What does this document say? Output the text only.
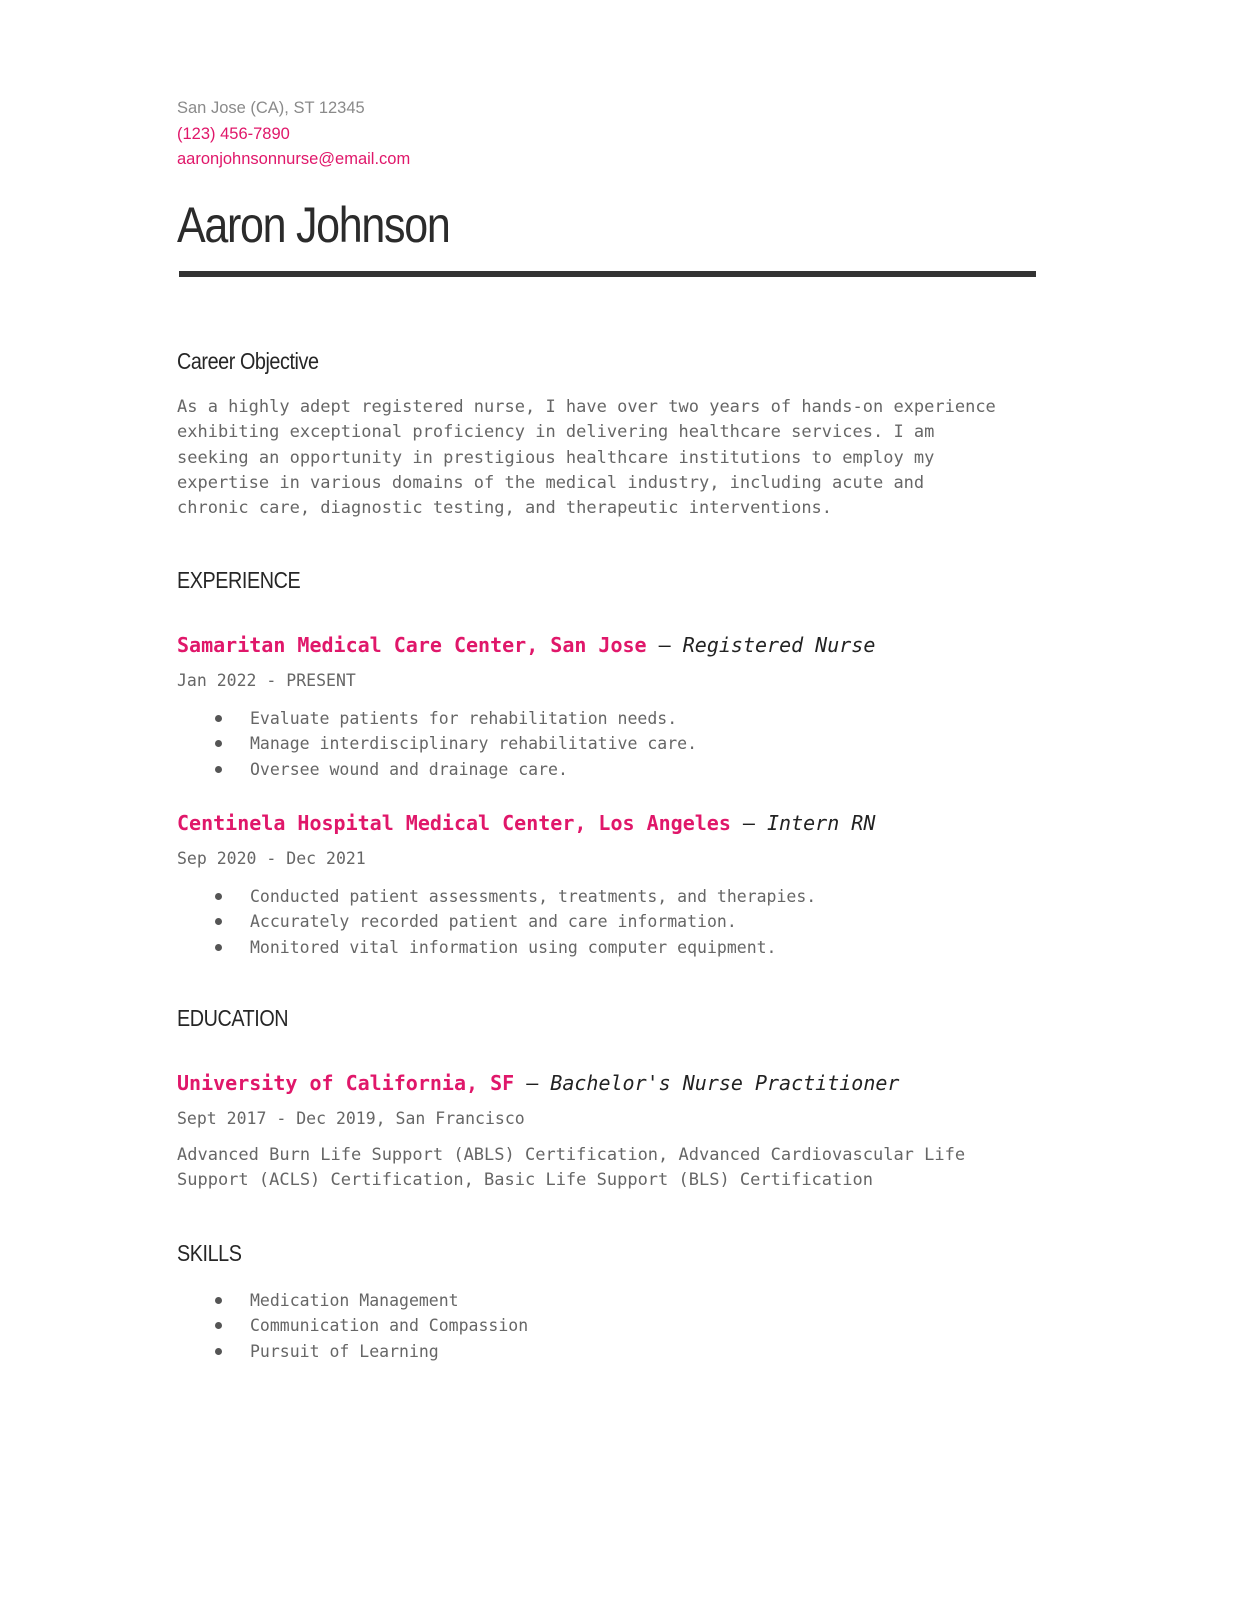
San Jose (CA), ST 12345
(123) 456-7890
aaronjohnsonnurse@email.com
Aaron Johnson
Career Objective
As a highly adept registered nurse, I have over two years of hands-on experience
exhibiting exceptional proficiency in delivering healthcare services. I am
seeking an opportunity in prestigious healthcare institutions to employ my
expertise in various domains of the medical industry, including acute and
chronic care, diagnostic testing, and therapeutic interventions.
EXPERIENCE
Samaritan Medical Care Center, San Jose — Registered Nurse
Jan 2022 - PRESENT
Evaluate patients for rehabilitation needs.
Manage interdisciplinary rehabilitative care.
Oversee wound and drainage care.
Centinela Hospital Medical Center, Los Angeles — Intern RN
Sep 2020 - Dec 2021
Conducted patient assessments, treatments, and therapies.
Accurately recorded patient and care information.
Monitored vital information using computer equipment.
EDUCATION
University of California, SF — Bachelor's Nurse Practitioner
Sept 2017 - Dec 2019, San Francisco
Advanced Burn Life Support (ABLS) Certification, Advanced Cardiovascular Life
Support (ACLS) Certification, Basic Life Support (BLS) Certification
SKILLS
Medication Management
Communication and Compassion
Pursuit of Learning
